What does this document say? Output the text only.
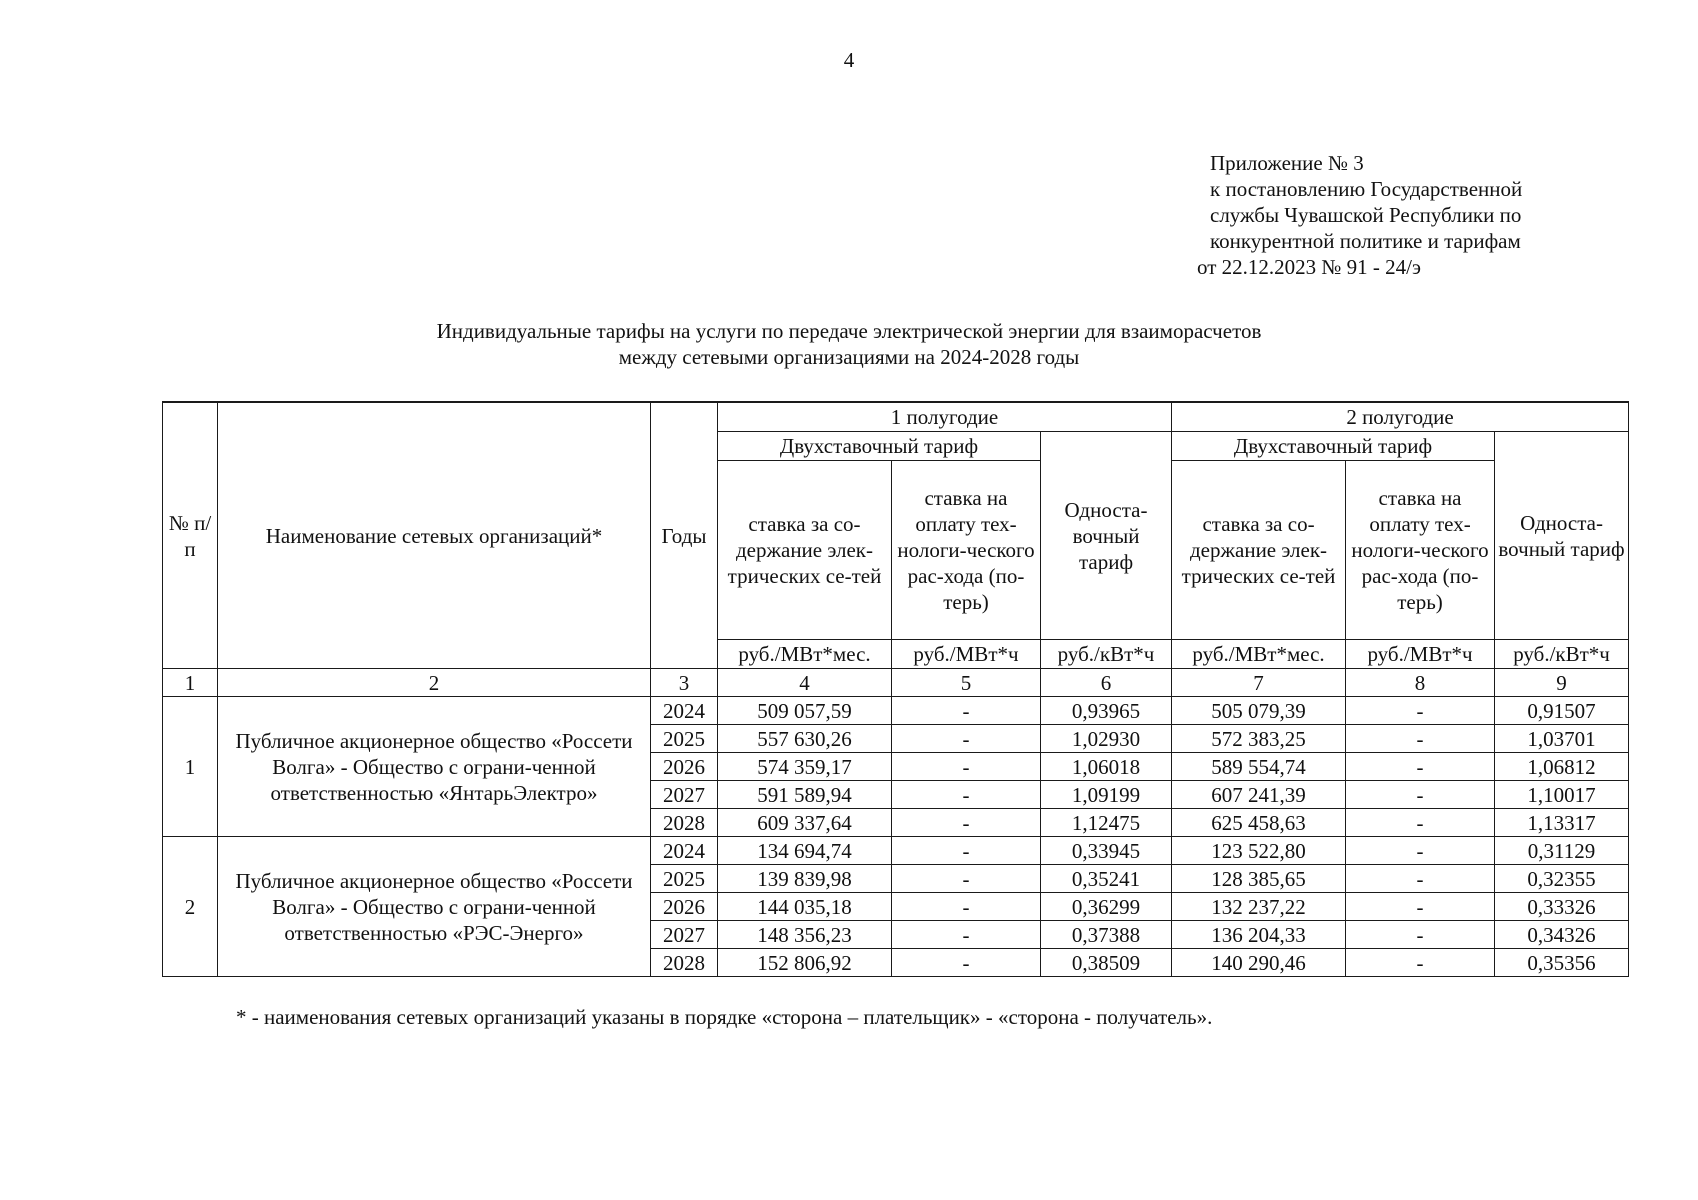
4
Приложение № 3
к постановлению Государственной
службы Чувашской Республики по
конкурентной политике и тарифам
от 22.12.2023 № 91 - 24/э
Индивидуальные тарифы на услуги по передаче электрической энергии для взаиморасчетов
между сетевыми организациями на 2024-2028 годы
№ п/п	Наименование сетевых организаций*	Годы	1 полугодие			2 полугодие		
			Двухставочный тариф		Односта-вочный тариф	Двухставочный тариф		Односта-вочный тариф
			ставка за со-держание элек-трических се-тей	ставка на оплату тех-нологи-ческого рас-хода (по-терь)		ставка за со-держание элек-трических се-тей	ставка на оплату тех-нологи-ческого рас-хода (по-терь)	
			руб./МВт*мес.	руб./МВт*ч	руб./кВт*ч	руб./МВт*мес.	руб./МВт*ч	руб./кВт*ч
1	2	3	4	5	6	7	8	9
1	Публичное акционерное общество «Россети Волга» - Общество с ограни-ченной ответственностью «ЯнтарьЭлектро»	2024	509 057,59	-	0,93965	505 079,39	-	0,91507
		2025	557 630,26	-	1,02930	572 383,25	-	1,03701
		2026	574 359,17	-	1,06018	589 554,74	-	1,06812
		2027	591 589,94	-	1,09199	607 241,39	-	1,10017
		2028	609 337,64	-	1,12475	625 458,63	-	1,13317
2	Публичное акционерное общество «Россети Волга» - Общество с ограни-ченной ответственностью «РЭС-Энерго»	2024	134 694,74	-	0,33945	123 522,80	-	0,31129
		2025	139 839,98	-	0,35241	128 385,65	-	0,32355
		2026	144 035,18	-	0,36299	132 237,22	-	0,33326
		2027	148 356,23	-	0,37388	136 204,33	-	0,34326
		2028	152 806,92	-	0,38509	140 290,46	-	0,35356
* - наименования сетевых организаций указаны в порядке «сторона – плательщик» - «сторона - получатель».
